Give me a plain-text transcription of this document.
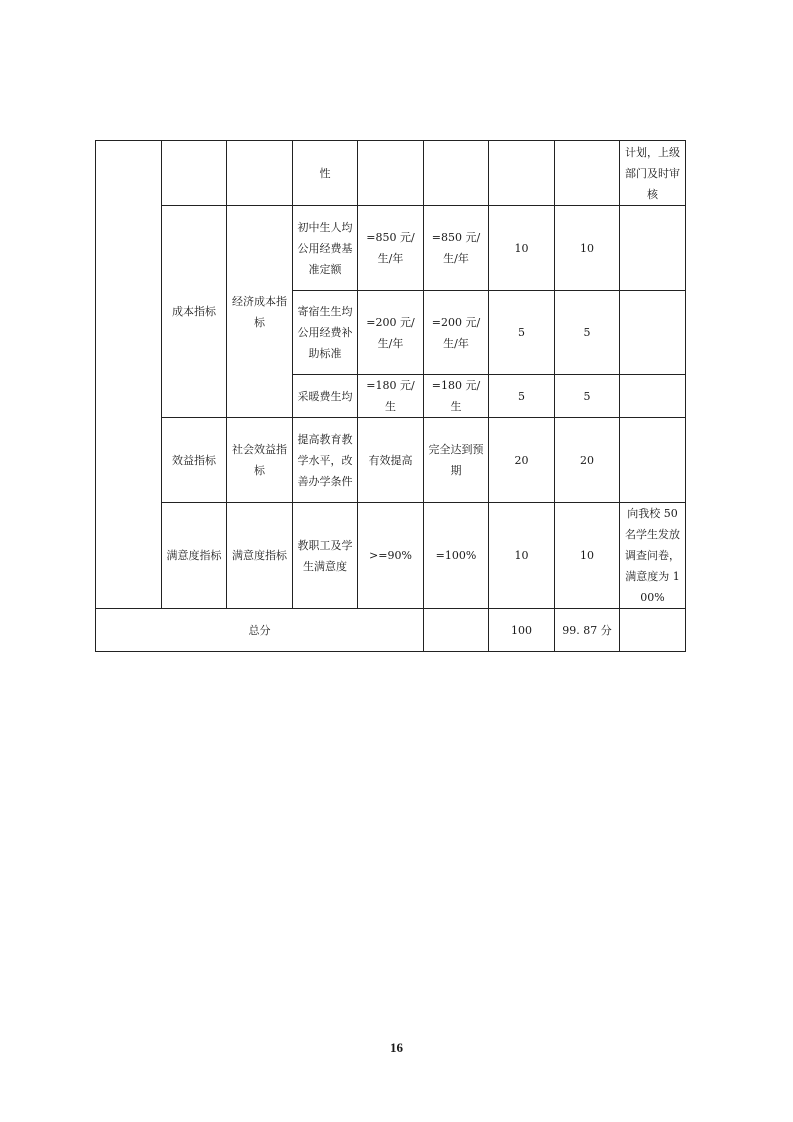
			性					计划，上级部门及时审核
	成本指标	经济成本指标	初中生人均公用经费基准定额	=850 元/生/年	=850 元/生/年	10	10	
			寄宿生生均公用经费补助标准	=200 元/生/年	=200 元/生/年	5	5	
			采暖费生均	=180 元/生	=180 元/生	5	5	
	效益指标	社会效益指标	提高教育教学水平，改善办学条件	有效提高	完全达到预期	20	20	
	满意度指标	满意度指标	教职工及学生满意度	>=90%	=100%	10	10	向我校 50 名学生发放调查问卷，满意度为 100%
总分						100	99. 87 分	
16
